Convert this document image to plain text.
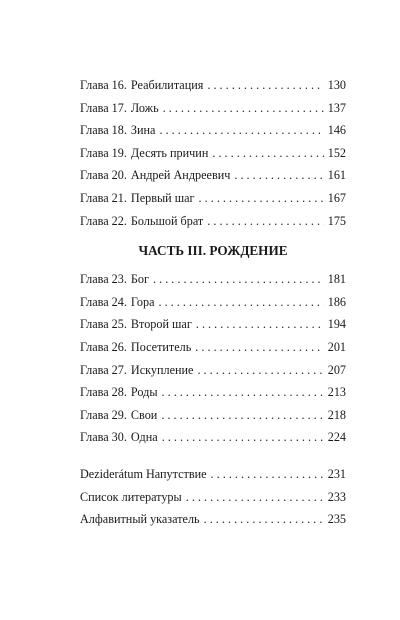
Глава 16. Реабилитация . . .	130
Глава 17. Ложь . . .	137
Глава 18. Зина . . .	146
Глава 19. Десять причин . . .	152
Глава 20. Андрей Андреевич . . .	161
Глава 21. Первый шаг . . .	167
Глава 22. Большой брат . . .	175
ЧАСТЬ III. РОЖДЕНИЕ
Глава 23. Бог . . .	181
Глава 24. Гора . . .	186
Глава 25. Второй шаг . . .	194
Глава 26. Посетитель . . .	201
Глава 27. Искупление . . .	207
Глава 28. Роды . . .	213
Глава 29. Свои . . .	218
Глава 30. Одна . . .	224
Deziderátum Напутствие . . .	231
Список литературы . . .	233
Алфавитный указатель . . .	235
